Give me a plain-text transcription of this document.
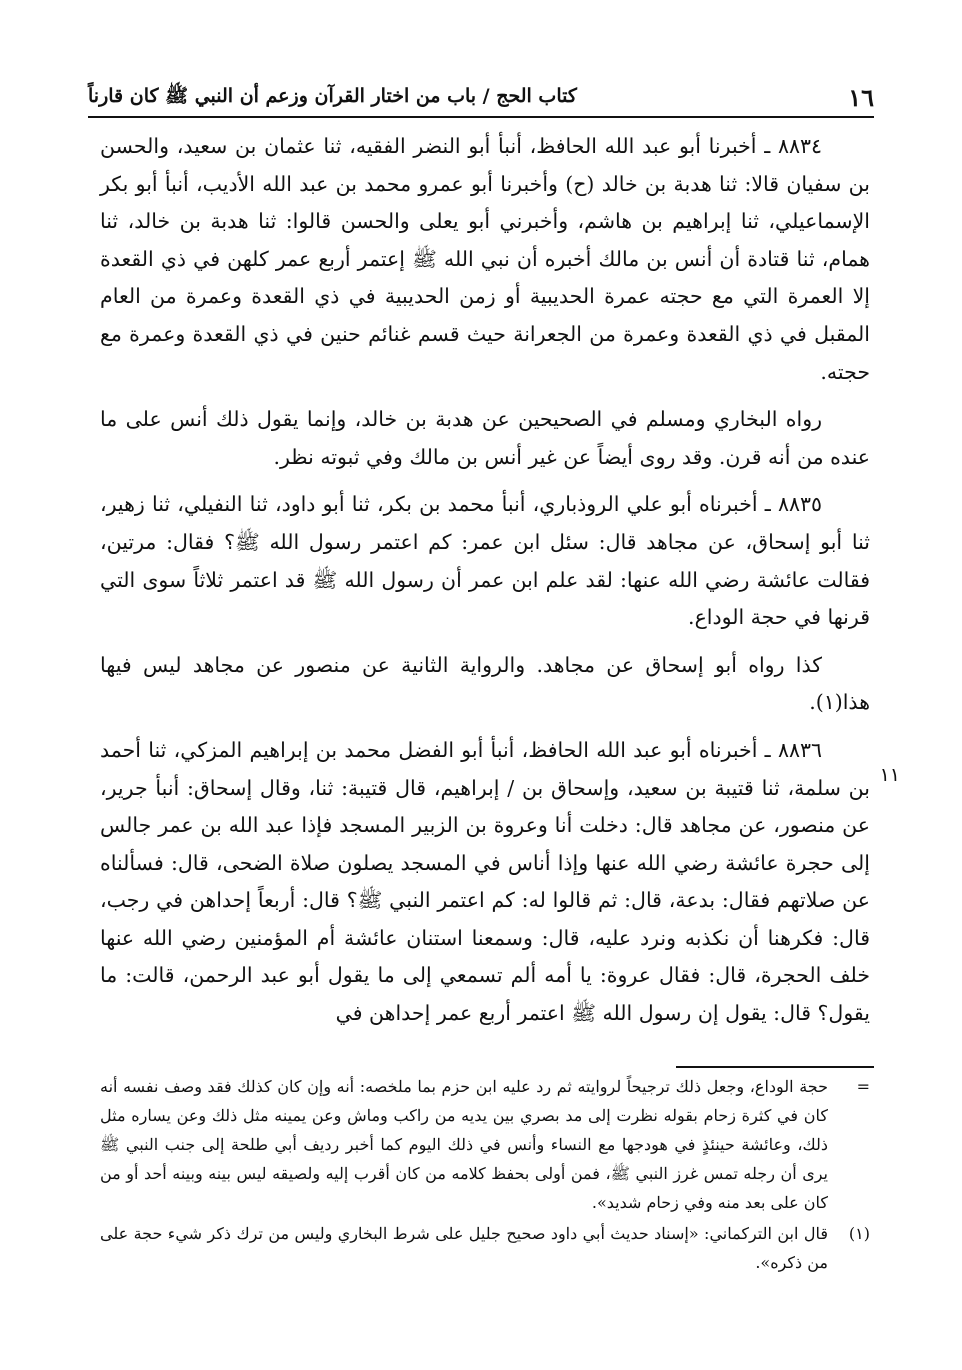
١٦
كتاب الحج / باب من اختار القرآن وزعم أن النبي ﷺ كان قارناً

٨٨٣٤ ـ أخبرنا أبو عبد الله الحافظ، أنبأ أبو النضر الفقيه، ثنا عثمان بن سعيد، والحسن بن سفيان قالا: ثنا هدبة بن خالد (ح) وأخبرنا أبو عمرو محمد بن عبد الله الأديب، أنبأ أبو بكر الإسماعيلي، ثنا إبراهيم بن هاشم، وأخبرني أبو يعلى والحسن قالوا: ثنا هدبة بن خالد، ثنا همام، ثنا قتادة أن أنس بن مالك أخبره أن نبي الله ﷺ إعتمر أربع عمر كلهن في ذي القعدة إلا العمرة التي مع حجته عمرة الحديبية أو زمن الحديبية في ذي القعدة وعمرة من العام المقبل في ذي القعدة وعمرة من الجعرانة حيث قسم غنائم حنين في ذي القعدة وعمرة مع حجته.

رواه البخاري ومسلم في الصحيحين عن هدبة بن خالد، وإنما يقول ذلك أنس على ما عنده من أنه قرن. وقد روى أيضاً عن غير أنس بن مالك وفي ثبوته نظر.

٨٨٣٥ ـ أخبرناه أبو علي الروذباري، أنبأ محمد بن بكر، ثنا أبو داود، ثنا النفيلي، ثنا زهير، ثنا أبو إسحاق، عن مجاهد قال: سئل ابن عمر: كم اعتمر رسول الله ﷺ؟ فقال: مرتين، فقالت عائشة رضي الله عنها: لقد علم ابن عمر أن رسول الله ﷺ قد اعتمر ثلاثاً سوى التي قرنها في حجة الوداع.

كذا رواه أبو إسحاق عن مجاهد. والرواية الثانية عن منصور عن مجاهد ليس فيها هذا(١).

٨٨٣٦ ـ أخبرناه أبو عبد الله الحافظ، أنبأ أبو الفضل محمد بن إبراهيم المزكي، ثنا أحمد بن سلمة، ثنا قتيبة بن سعيد، وإسحاق بن / إبراهيم، قال قتيبة: ثنا، وقال إسحاق: أنبأ جرير، عن منصور، عن مجاهد قال: دخلت أنا وعروة بن الزبير المسجد فإذا عبد الله بن عمر جالس إلى حجرة عائشة رضي الله عنها وإذا أناس في المسجد يصلون صلاة الضحى، قال: فسألناه عن صلاتهم فقال: بدعة، قال: ثم قالوا له: كم اعتمر النبي ﷺ؟ قال: أربعاً إحداهن في رجب، قال: فكرهنا أن نكذبه ونرد عليه، قال: وسمعنا استنان عائشة أم المؤمنين رضي الله عنها خلف الحجرة، قال: فقال عروة: يا أمه ألم تسمعي إلى ما يقول أبو عبد الرحمن، قالت: ما يقول؟ قال: يقول إن رسول الله ﷺ اعتمر أربع عمر إحداهن في

١١
=
حجة الوداع، وجعل ذلك ترجيحاً لروايته ثم رد عليه ابن حزم بما ملخصه: أنه وإن كان كذلك فقد وصف نفسه أنه كان في كثرة زحام بقوله نظرت إلى مد بصري بين يديه من راكب وماش وعن يمينه مثل ذلك وعن يساره مثل ذلك، وعائشة حينئذٍ في هودجها مع النساء وأنس في ذلك اليوم كما أخبر رديف أبي طلحة إلى جنب النبي ﷺ يرى أن رجله تمس غرز النبي ﷺ، فمن أولى بحفظ كلامه من كان أقرب إليه ولصيقه ليس بينه وبينه أحد أو من كان على بعد منه وفي زحام شديد».
(١)
قال ابن التركماني: «إسناد حديث أبي داود صحيح جليل على شرط البخاري وليس من ترك ذكر شيء حجة على من ذكره».
